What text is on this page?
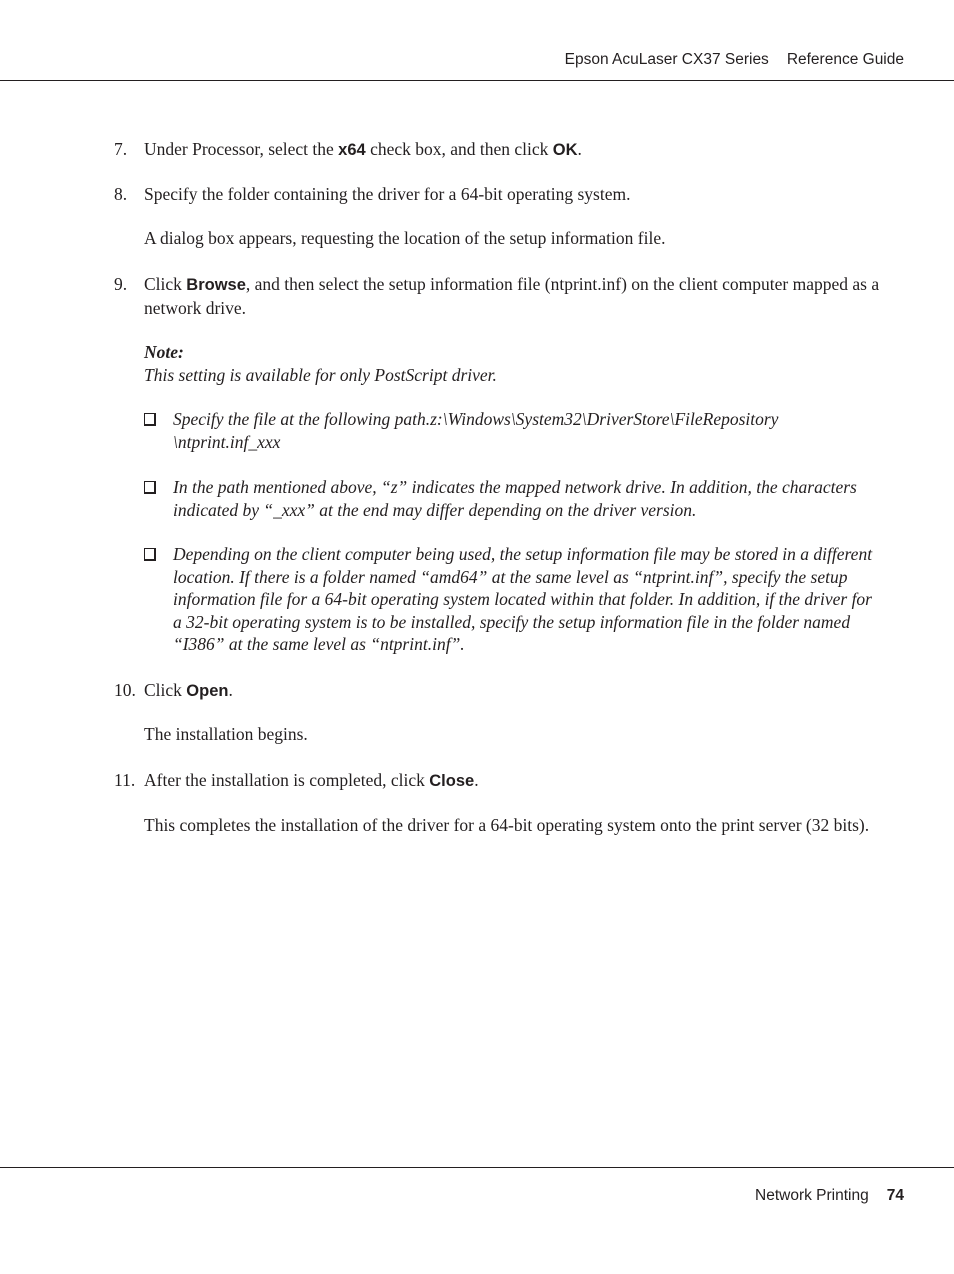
Epson AcuLaser CX37 Series Reference Guide
7. Under Processor, select the x64 check box, and then click OK.
8. Specify the folder containing the driver for a 64-bit operating system.
A dialog box appears, requesting the location of the setup information file.
9. Click Browse, and then select the setup information file (ntprint.inf) on the client computer mapped as a network drive.
Note:
This setting is available for only PostScript driver.
Specify the file at the following path.z:\Windows\System32\DriverStore\FileRepository \ntprint.inf_xxx
In the path mentioned above, “z” indicates the mapped network drive. In addition, the characters indicated by “_xxx” at the end may differ depending on the driver version.
Depending on the client computer being used, the setup information file may be stored in a different location. If there is a folder named “amd64” at the same level as “ntprint.inf”, specify the setup information file for a 64-bit operating system located within that folder. In addition, if the driver for a 32-bit operating system is to be installed, specify the setup information file in the folder named “I386” at the same level as “ntprint.inf”.
10. Click Open.
The installation begins.
11. After the installation is completed, click Close.
This completes the installation of the driver for a 64-bit operating system onto the print server (32 bits).
Network Printing 74
